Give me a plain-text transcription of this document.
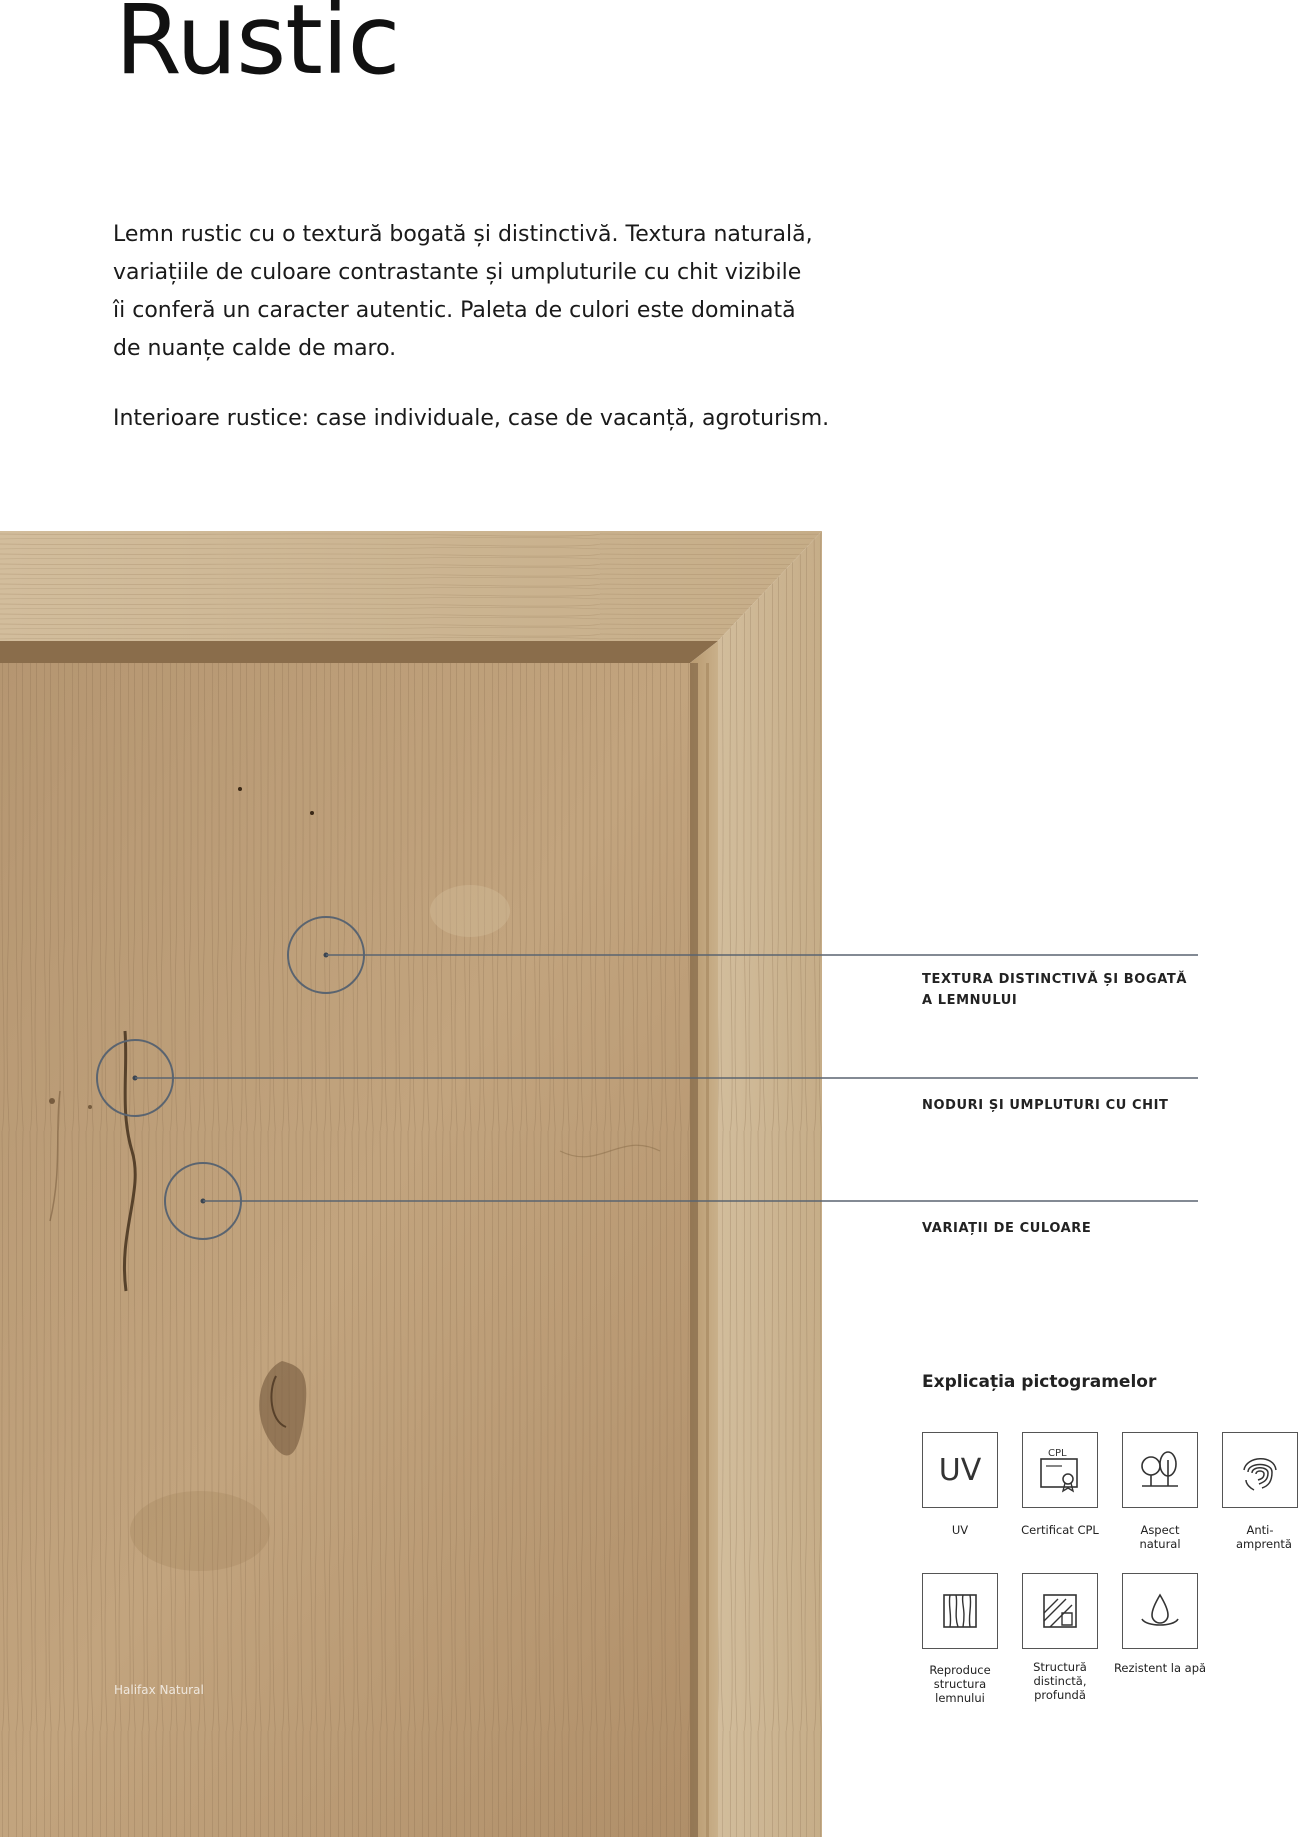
Rustic

Lemn rustic cu o textură bogată și distinctivă. Textura naturală, variațiile de culoare contrastante și umpluturile cu chit vizibile îi conferă un caracter autentic. Paleta de culori este dominată de nuanțe calde de maro.

Interioare rustice: case individuale, case de vacanță, agroturism.

Halifax Natural
TEXTURA DISTINCTIVĂ ȘI BOGATĂ
A LEMNULUI
NODURI ȘI UMPLUTURI CU CHIT
VARIAȚII DE CULOARE
Explicația pictogramelor
UV	CPL
UV	Certificat CPL	Aspect natural
Anti-amprentă
Reproduce structura lemnului
Structură distinctă, profundă
Rezistent la apă
